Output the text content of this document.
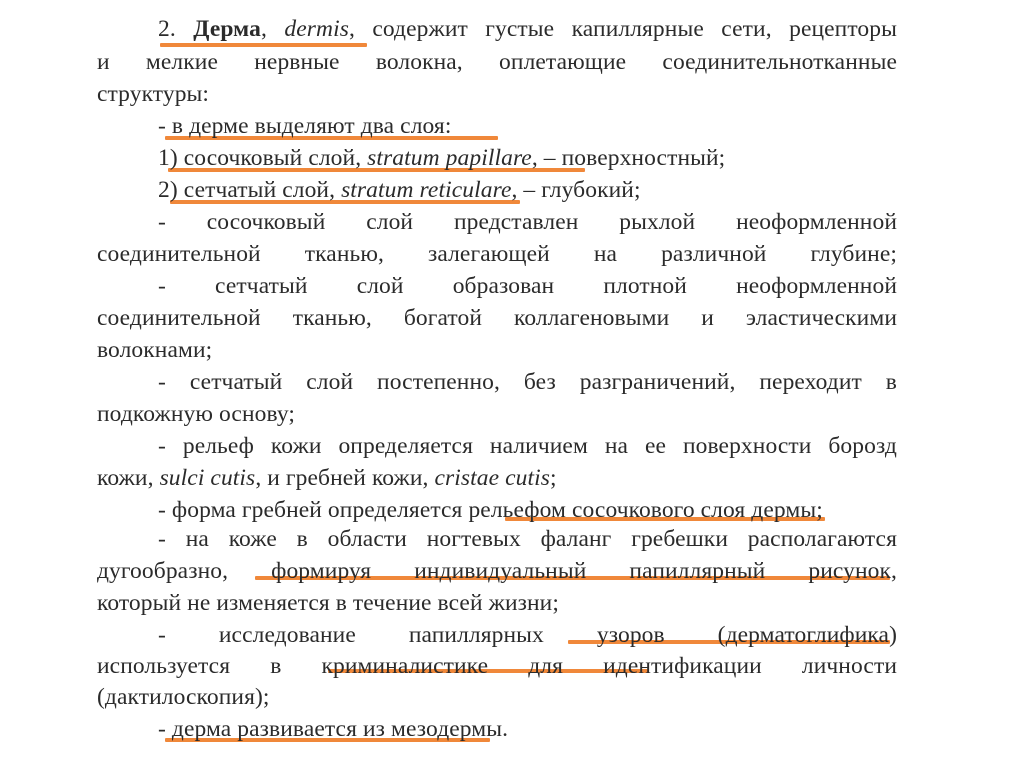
2. Дерма, dermis, содержит густые капиллярные сети, рецепторы
и мелкие нервные волокна, оплетающие соединительнотканные
структуры:
- в дерме выделяют два слоя:
1) сосочковый слой, stratum papillare, – поверхностный;
2) сетчатый слой, stratum reticulare, – глубокий;
- сосочковый слой представлен рыхлой неоформленной
соединительной тканью, залегающей на различной глубине;
- сетчатый слой образован плотной неоформленной
соединительной тканью, богатой коллагеновыми и эластическими
волокнами;
- сетчатый слой постепенно, без разграничений, переходит в
подкожную основу;
- рельеф кожи определяется наличием на ее поверхности борозд
кожи, sulci cutis, и гребней кожи, cristae cutis;
- форма гребней определяется рельефом сосочкового слоя дермы;
- на коже в области ногтевых фаланг гребешки располагаются
дугообразно, формируя индивидуальный папиллярный рисунок,
который не изменяется в течение всей жизни;
- исследование папиллярных узоров (дерматоглифика)
используется в криминалистике для идентификации личности
(дактилоскопия);
- дерма развивается из мезодермы.
